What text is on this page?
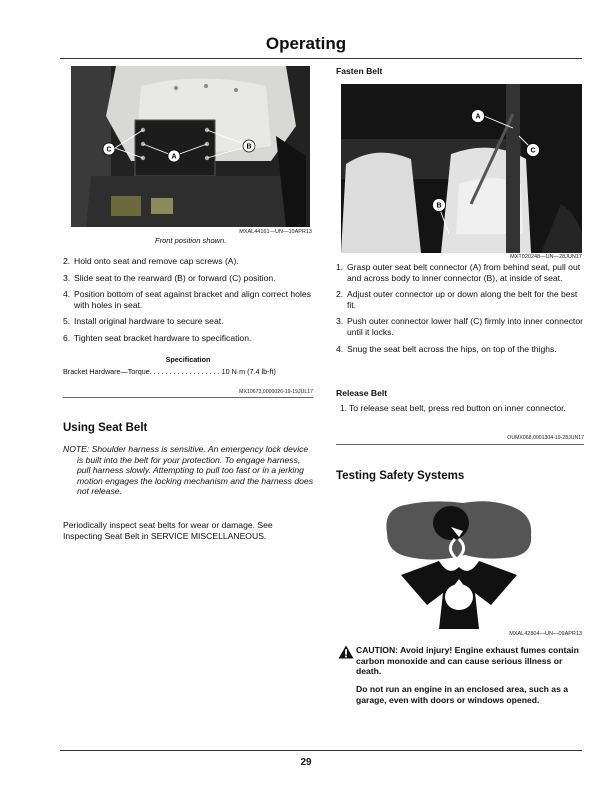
Operating
C
A
B
MXAL44161—UN—10APR13
Front position shown.
2. Hold onto seat and remove cap screws (A).
3. Slide seat to the rearward (B) or forward (C) position.
4. Position bottom of seat against bracket and align correct holes with holes in seat.
5. Install original hardware to secure seat.
6. Tighten seat bracket hardware to specification.
Specification
Bracket Hardware—Torque. . . . . . . . . . . . . . . . . . 10 N·m (7.4 lb-ft)
MX10673,0000026-19-19JUL17
Using Seat Belt
NOTE: Shoulder harness is sensitive. An emergency lock device is built into the belt for your protection. To engage harness, pull harness slowly. Attempting to pull too fast or in a jerking motion engages the locking mechanism and the harness does not release.
Periodically inspect seat belts for wear or damage. See Inspecting Seat Belt in SERVICE MISCELLANEOUS.
Fasten Belt
A
C
B
MXT020248—UN—28JUN17
1. Grasp outer seat belt connector (A) from behind seat, pull out and across body to inner connector (B), at inside of seat.
2. Adjust outer connector up or down along the belt for the best fit.
3. Push outer connector lower half (C) firmly into inner connector until it locks.
4. Snug the seat belt across the hips, on top of the thighs.
Release Belt
1. To release seat belt, press red button on inner connector.
OUMX068,0001304-19-28JUN17
Testing Safety Systems
MXAL42804—UN—09APR13
CAUTION: Avoid injury! Engine exhaust fumes contain carbon monoxide and can cause serious illness or death.
Do not run an engine in an enclosed area, such as a garage, even with doors or windows opened.
29
